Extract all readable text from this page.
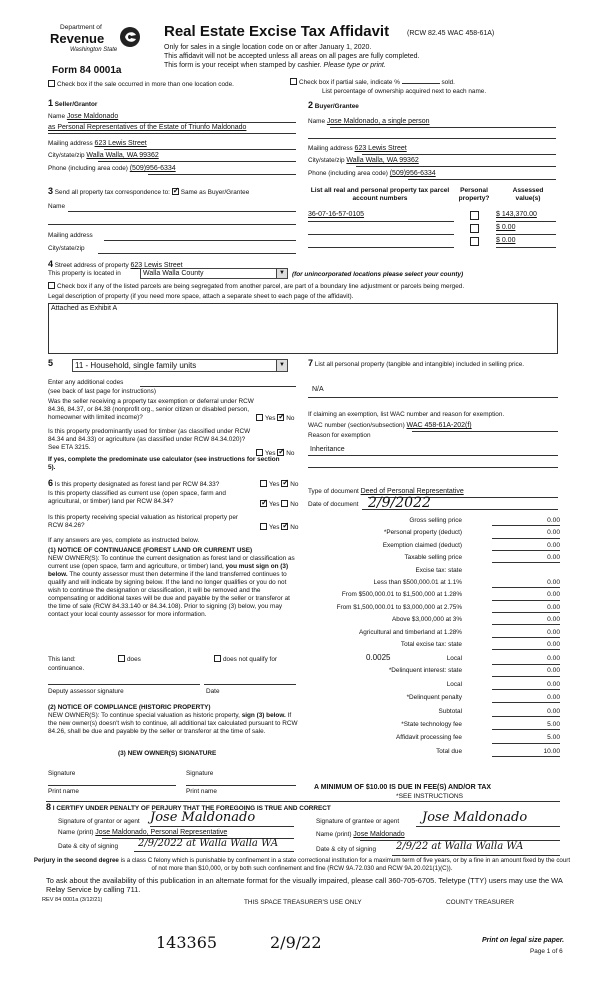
Department of
Revenue
Washington State
Form 84 0001a
Real Estate Excise Tax Affidavit	(RCW 82.45 WAC 458-61A)
Only for sales in a single location code on or after January 1, 2020.
This affidavit will not be accepted unless all areas on all pages are fully completed.
This form is your receipt when stamped by cashier. Please type or print.
Check box if the sale occurred in more than one location code.	Check box if partial sale, indicate %	sold.
List percentage of ownership acquired next to each name.
1 Seller/Grantor
Name Jose Maldonado
as Personal Representatives of the Estate of Triunfo Maldonado
Mailing address 623 Lewis Street
City/state/zip Walla Walla, WA 99362
Phone (including area code) (509)956-6334
2 Buyer/Grantee
Name Jose Maldonado, a single person
Mailing address 623 Lewis Street
City/state/zip Walla Walla, WA 99362
Phone (including area code) (509)956-6334
3 Send all property tax correspondence to: ✓ Same as Buyer/Grantee
Name
Mailing address
City/state/zip
List all real and personal property tax parcel account numbers
Personal property?
Assessed value(s)
36-07-16-57-0105	$ 143,370.00
$ 0.00
$ 0.00
4 Street address of property 623 Lewis Street
This property is located in	Walla Walla County	▼	(for unincorporated locations please select your county)
Check box if any of the listed parcels are being segregated from another parcel, are part of a boundary line adjustment or parcels being merged.
Legal description of property (if you need more space, attach a separate sheet to each page of the affidavit).
Attached as Exhibit A
5	11 - Household, single family units	▼
Enter any additional codes
(see back of last page for instructions)
Was the seller receiving a property tax exemption or deferral under RCW 84.36, 84.37, or 84.38 (nonprofit org., senior citizen or disabled person, homeowner with limited income)?	Yes ✓ No
Is this property predominantly used for timber (as classified under RCW 84.34 and 84.33) or agriculture (as classified under RCW 84.34.020)? See ETA 3215.
Yes ✓ No
If yes, complete the predominate use calculator (see instructions for section 5).
7 List all personal property (tangible and intangible) included in selling price.
N/A
If claiming an exemption, list WAC number and reason for exemption.
WAC number (section/subsection) WAC 458-61A-202(f)
Reason for exemption
Inheritance
6 Is this property designated as forest land per RCW 84.33?	Yes ✓ No
Is this property classified as current use (open space, farm and agricultural, or timber) land per RCW 84.34? ✓	Yes No
Is this property receiving special valuation as historical property per RCW 84.26?	Yes ✓ No
If any answers are yes, complete as instructed below.
(1) NOTICE OF CONTINUANCE (FOREST LAND OR CURRENT USE)
NEW OWNER(S): To continue the current designation as forest land or classification as current use (open space, farm and agriculture, or timber) land, you must sign on (3) below. The county assessor must then determine if the land transferred continues to qualify and will indicate by signing below. If the land no longer qualifies or you do not wish to continue the designation or classification, it will be removed and the compensating or additional taxes will be due and payable by the seller or transferor at the time of sale (RCW 84.33.140 or 84.34.108). Prior to signing (3) below, you may contact your local county assessor for more information.
This land:	does	does not qualify for
continuance.
Deputy assessor signature	Date
(2) NOTICE OF COMPLIANCE (HISTORIC PROPERTY)
NEW OWNER(S): To continue special valuation as historic property, sign (3) below. If the new owner(s) doesn't wish to continue, all additional tax calculated pursuant to RCW 84.26, shall be due and payable by the seller or transferor at the time of sale.
(3) NEW OWNER(S) SIGNATURE
Signature	Signature
Print name	Print name
Type of document Deed of Personal Representative
Date of document 2/9/2022
Gross selling price	0.00
*Personal property (deduct)	0.00
Exemption claimed (deduct)	0.00
Taxable selling price	0.00
Excise tax: state
Less than $500,000.01 at 1.1%	0.00
From $500,000.01 to $1,500,000 at 1.28%	0.00
From $1,500,000.01 to $3,000,000 at 2.75%	0.00
Above $3,000,000 at 3%	0.00
Agricultural and timberland at 1.28%	0.00
Total excise tax: state	0.00
0.0025	Local	0.00
*Delinquent interest: state	0.00
Local	0.00
*Delinquent penalty	0.00
Subtotal	0.00
*State technology fee	5.00
Affidavit processing fee	5.00
Total due	10.00
A MINIMUM OF $10.00 IS DUE IN FEE(S) AND/OR TAX
*SEE INSTRUCTIONS
8 I CERTIFY UNDER PENALTY OF PERJURY THAT THE FOREGOING IS TRUE AND CORRECT
Signature of grantor or agent Jose Maldonado
Name (print) Jose Maldonado, Personal Representative
Date & city of signing 2/9/2022 at Walla Walla WA
Signature of grantee or agent Jose Maldonado
Name (print) Jose Maldonado
Date & city of signing 2/9/22 at Walla Walla WA
Perjury in the second degree is a class C felony which is punishable by confinement in a state correctional institution for a maximum term of five years, or by a fine in an amount fixed by the court of not more than $10,000, or by both such confinement and fine (RCW 9A.72.030 and RCW 9A.20.021(1)(C)).
To ask about the availability of this publication in an alternate format for the visually impaired, please call 360-705-6705. Teletype (TTY) users may use the WA Relay Service by calling 711.
REV 84 0001a (3/12/21)	THIS SPACE TREASURER'S USE ONLY	COUNTY TREASURER
143365	2/9/22	Print on legal size paper.
Page 1 of 6
